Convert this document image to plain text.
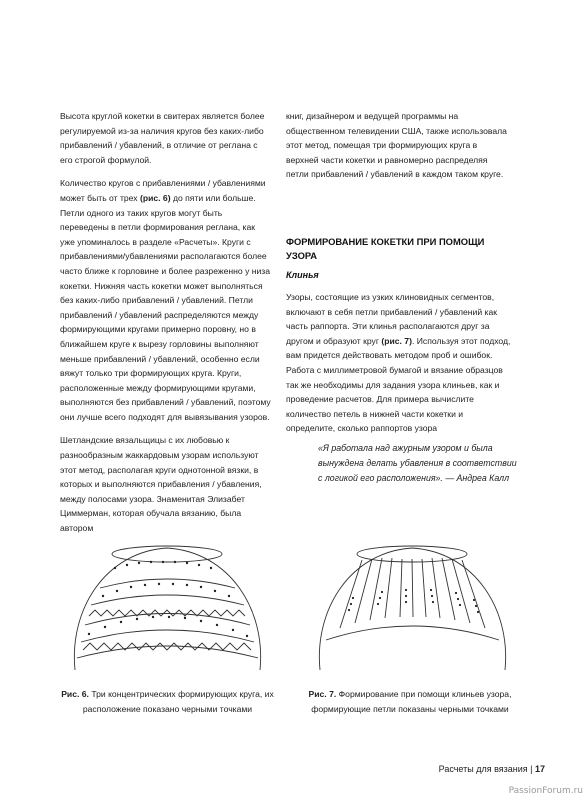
Высота круглой кокетки в свитерах является более регулируемой из-за наличия кругов без каких-либо прибавлений / убавлений, в отличие от реглана с его строгой формулой.

Количество кругов с прибавлениями / убавлениями может быть от трех (рис. 6) до пяти или больше. Петли одного из таких кругов могут быть переведены в петли формирования реглана, как уже упоминалось в разделе «Расчеты». Круги с прибавлениями/убавлениями располагаются более часто ближе к горловине и более разреженно у низа кокетки. Нижняя часть кокетки может выполняться без каких-либо прибавлений / убавлений. Петли прибавлений / убавлений распределяются между формирующими кругами примерно поровну, но в ближайшем круге к вырезу горловины выполняют меньше прибавлений / убавлений, особенно если вяжут только три формирующих круга. Круги, расположенные между формирующими кругами, выполняются без прибавлений / убавлений, поэтому они лучше всего подходят для вывязывания узоров.

Шетландские вязальщицы с их любовью к разнообразным жаккардовым узорам используют этот метод, располагая круги однотонной вязки, в которых и выполняются прибавления / убавления, между полосами узора. Знаменитая Элизабет Циммерман, которая обучала вязанию, была автором

книг, дизайнером и ведущей программы на общественном телевидении США, также использовала этот метод, помещая три формирующих круга в верхней части кокетки и равномерно распределяя петли прибавлений / убавлений в каждом таком круге.

ФОРМИРОВАНИЕ КОКЕТКИ ПРИ ПОМОЩИ УЗОРА
Клинья

Узоры, состоящие из узких клиновидных сегментов, включают в себя петли прибавлений / убавлений как часть раппорта. Эти клинья располагаются друг за другом и образуют круг (рис. 7). Используя этот подход, вам придется действовать методом проб и ошибок. Работа с миллиметровой бумагой и вязание образцов так же необходимы для задания узора клиньев, как и проведение расчетов. Для примера вычислите количество петель в нижней части кокетки и определите, сколько раппортов узора

«Я работала над ажурным узором и была вынуждена делать убавления в соответствии с логикой его расположения». — Андреа Калл
Рис. 6. Три концентрических формирующих круга, их расположение показано черными точками
Рис. 7. Формирование при помощи клиньев узора, формирующие петли показаны черными точками
Расчеты для вязания | 17
PassionForum.ru
